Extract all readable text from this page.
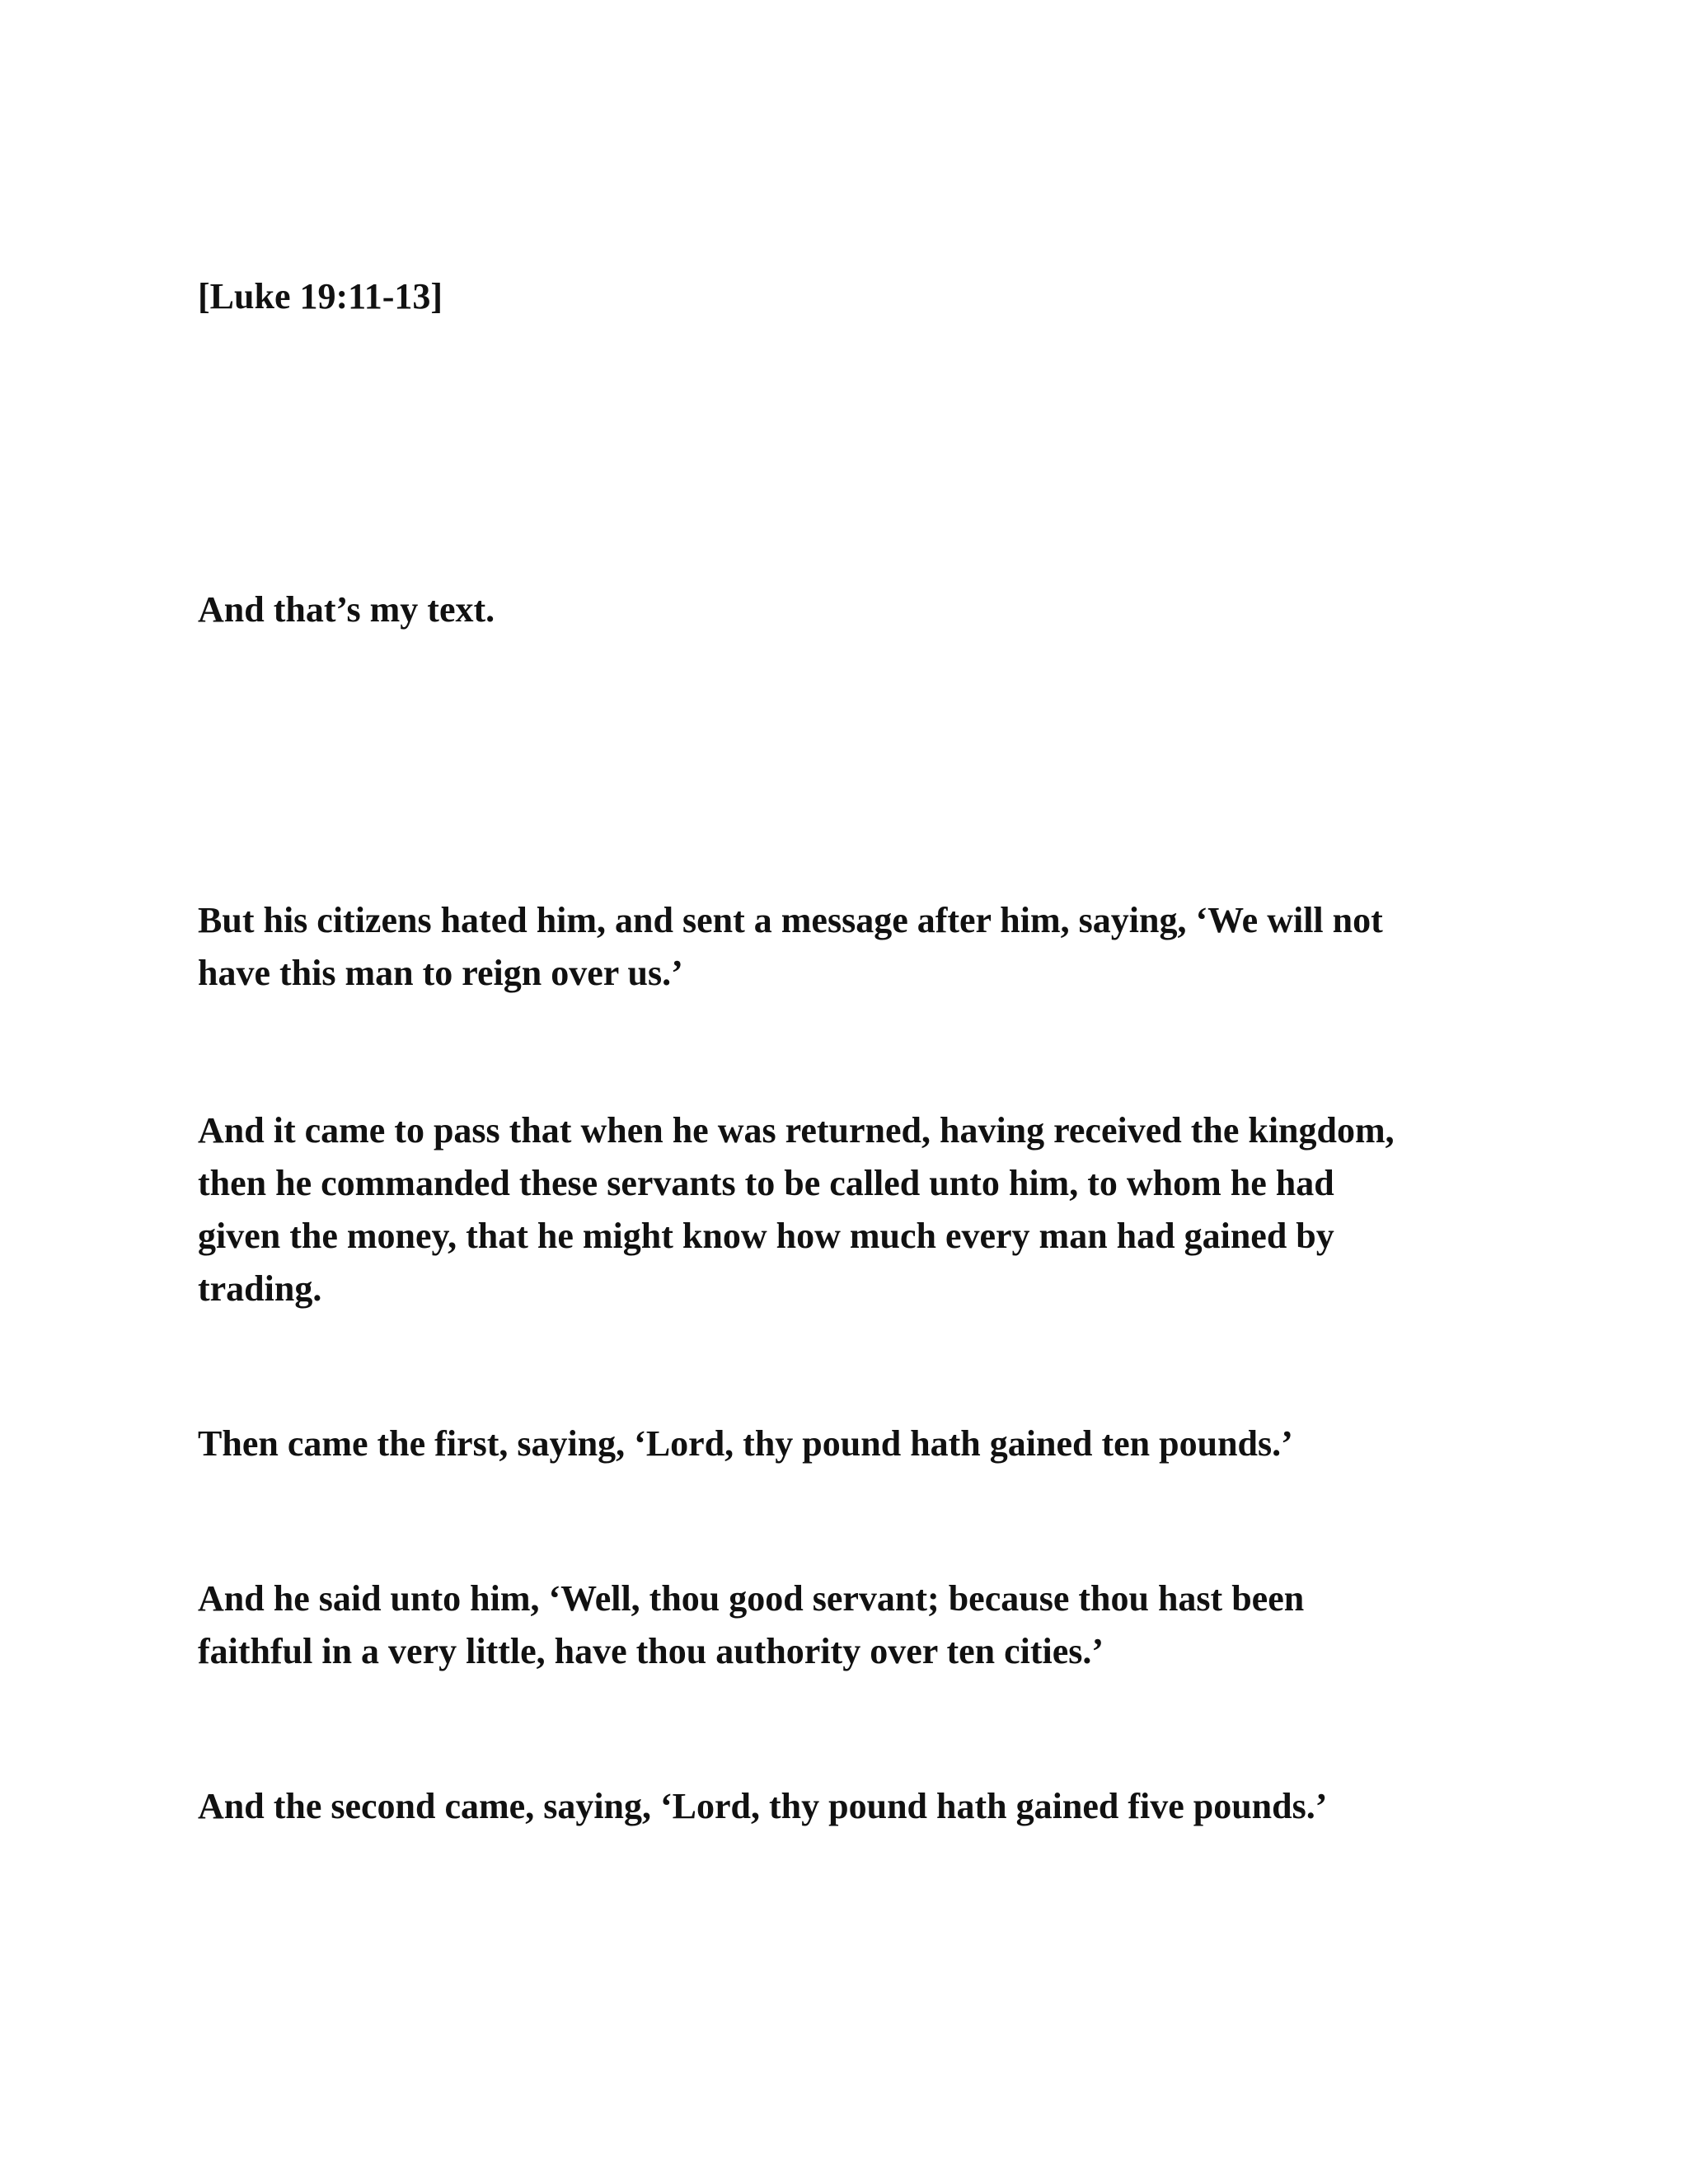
[Luke 19:11-13]

And that’s my text.

But his citizens hated him, and sent a message after him, saying, ‘We will not
have this man to reign over us.’

And it came to pass that when he was returned, having received the kingdom,
then he commanded these servants to be called unto him, to whom he had
given the money, that he might know how much every man had gained by
trading.

Then came the first, saying, ‘Lord, thy pound hath gained ten pounds.’

And he said unto him, ‘Well, thou good servant; because thou hast been
faithful in a very little, have thou authority over ten cities.’

And the second came, saying, ‘Lord, thy pound hath gained five pounds.’
